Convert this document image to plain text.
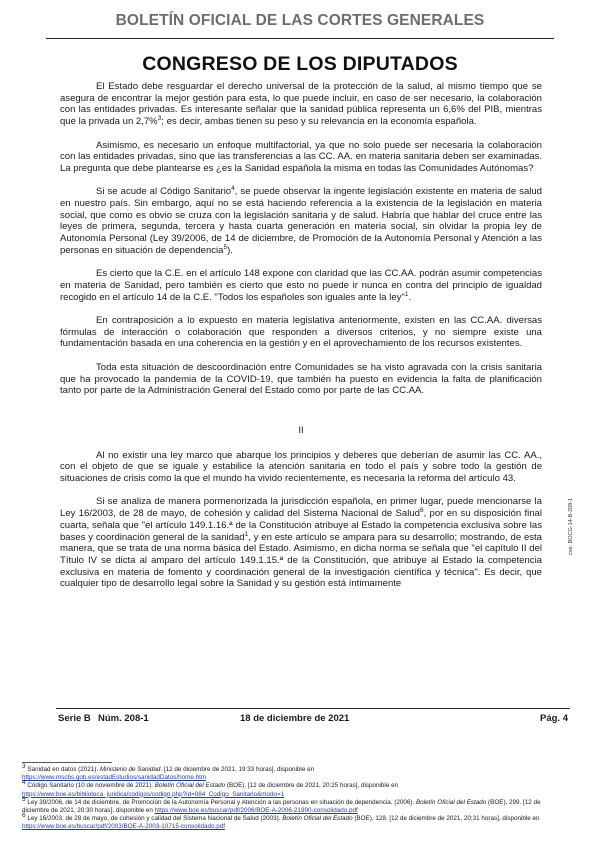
BOLETÍN OFICIAL DE LAS CORTES GENERALES
CONGRESO DE LOS DIPUTADOS

El Estado debe resguardar el derecho universal de la protección de la salud, al mismo tiempo que se asegura de encontrar la mejor gestión para esta, lo que puede incluir, en caso de ser necesario, la colaboración con las entidades privadas. Es interesante señalar que la sanidad pública representa un 6,6% del PIB, mientras que la privada un 2,7%$^3$; es decir, ambas tienen su peso y su relevancia en la economía española.

Asimismo, es necesario un enfoque multifactorial, ya que no solo puede ser necesaria la colaboración con las entidades privadas, sino que las transferencias a las CC. AA. en materia sanitaria deben ser examinadas. La pregunta que debe plantearse es ¿es la Sanidad española la misma en todas las Comunidades Autónomas?

Si se acude al Código Sanitario$^4$, se puede observar la ingente legislación existente en materia de salud en nuestro país. Sin embargo, aquí no se está haciendo referencia a la existencia de la legislación en materia social, que como es obvio se cruza con la legislación sanitaria y de salud. Habría que hablar del cruce entre las leyes de primera, segunda, tercera y hasta cuarta generación en materia social, sin olvidar la propia ley de Autonomía Personal (Ley 39/2006, de 14 de diciembre, de Promoción de la Autonomía Personal y Atención a las personas en situación de dependencia$^5$).

Es cierto que la C.E. en el artículo 148 expone con claridad que las CC.AA. podrán asumir competencias en materia de Sanidad, pero también es cierto que esto no puede ir nunca en contra del principio de igualdad recogido en el artículo 14 de la C.E. "Todos los españoles son iguales ante la ley"$^1$.

En contraposición a lo expuesto en materia legislativa anteriormente, existen en las CC.AA. diversas fórmulas de interacción o colaboración que responden a diversos criterios, y no siempre existe una fundamentación basada en una coherencia en la gestión y en el aprovechamiento de los recursos existentes.

Toda esta situación de descoordinación entre Comunidades se ha visto agravada con la crisis sanitaria que ha provocado la pandemia de la COVID-19, que también ha puesto en evidencia la falta de planificación tanto por parte de la Administración General del Estado como por parte de las CC.AA.

II

Al no existir una ley marco que abarque los principios y deberes que deberían de asumir las CC. AA., con el objeto de que se iguale y estabilice la atención sanitaria en todo el país y sobre todo la gestión de situaciones de crisis como la que el mundo ha vivido recientemente, es necesaria la reforma del artículo 43.

Si se analiza de manera pormenorizada la jurisdicción española, en primer lugar, puede mencionarse la Ley 16/2003, de 28 de mayo, de cohesión y calidad del Sistema Nacional de Salud$^6$, por en su disposición final cuarta, señala que "el artículo 149.1.16.ª de la Constitución atribuye al Estado la competencia exclusiva sobre las bases y coordinación general de la sanidad$^1$, y en este artículo se ampara para su desarrollo; mostrando, de esta manera, que se trata de una norma básica del Estado. Asimismo, en dicha norma se señala que "el capítulo II del Título IV se dicta al amparo del artículo 149.1.15.ª de la Constitución, que atribuye al Estado la competencia exclusiva en materia de fomento y coordinación general de la investigación científica y técnica". Es decir, que cualquier tipo de desarrollo legal sobre la Sanidad y su gestión está íntimamente

cve: BOCG-14-B-208-1
Serie B Núm. 208-1	18 de diciembre de 2021	Pág. 4

3 Sanidad en datos (2021). Ministerio de Sanidad. [12 de diciembre de 2021, 19:33 horas], disponible en
https://www.mscbs.gob.es/estadEstudios/sanidadDatos/home.htm

4 Código Sanitario (10 de noviembre de 2021). Boletín Oficial del Estado (BOE). [12 de diciembre de 2021, 20:25 horas], disponible en
https://www.boe.es/biblioteca_juridica/codigos/codigo.php?id=084_Codigo_Sanitario&modo=1

5 Ley 39/2006, de 14 de diciembre, de Promoción de la Autonomía Personal y Atención a las personas en situación de dependencia. (2006). Boletín Oficial del Estado (BOE), 299. [12 de diciembre de 2021, 20:30 horas], disponible en https://www.boe.es/buscar/pdf/2006/BOE-A-2006-21990-consolidado.pdf

6 Ley 16/2003, de 28 de mayo, de cohesión y calidad del Sistema Nacional de Salud (2003). Boletín Oficial del Estado (BOE), 128. [12 de diciembre de 2021, 20:31 horas], disponible en https://www.boe.es/buscar/pdf/2003/BOE-A-2003-10715-consolidado.pdf
